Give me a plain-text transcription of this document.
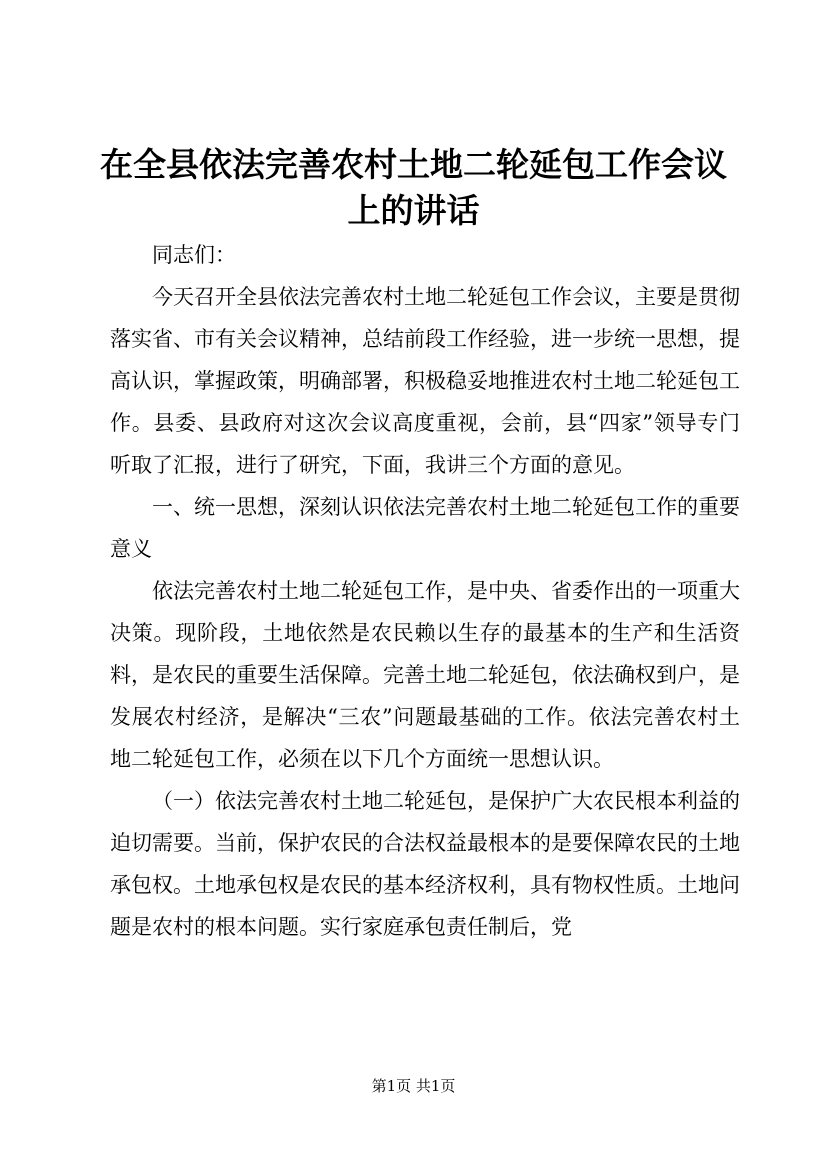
在全县依法完善农村土地二轮延包工作会议上的讲话

同志们：

今天召开全县依法完善农村土地二轮延包工作会议，主要是贯彻落实省、市有关会议精神，总结前段工作经验，进一步统一思想，提高认识，掌握政策，明确部署，积极稳妥地推进农村土地二轮延包工作。县委、县政府对这次会议高度重视，会前，县“四家”领导专门听取了汇报，进行了研究，下面，我讲三个方面的意见。

一、统一思想，深刻认识依法完善农村土地二轮延包工作的重要意义

依法完善农村土地二轮延包工作，是中央、省委作出的一项重大决策。现阶段，土地依然是农民赖以生存的最基本的生产和生活资料，是农民的重要生活保障。完善土地二轮延包，依法确权到户，是发展农村经济，是解决“三农”问题最基础的工作。依法完善农村土地二轮延包工作，必须在以下几个方面统一思想认识。

（一）依法完善农村土地二轮延包，是保护广大农民根本利益的迫切需要。当前，保护农民的合法权益最根本的是要保障农民的土地承包权。土地承包权是农民的基本经济权利，具有物权性质。土地问题是农村的根本问题。实行家庭承包责任制后，党

第1页 共1页
